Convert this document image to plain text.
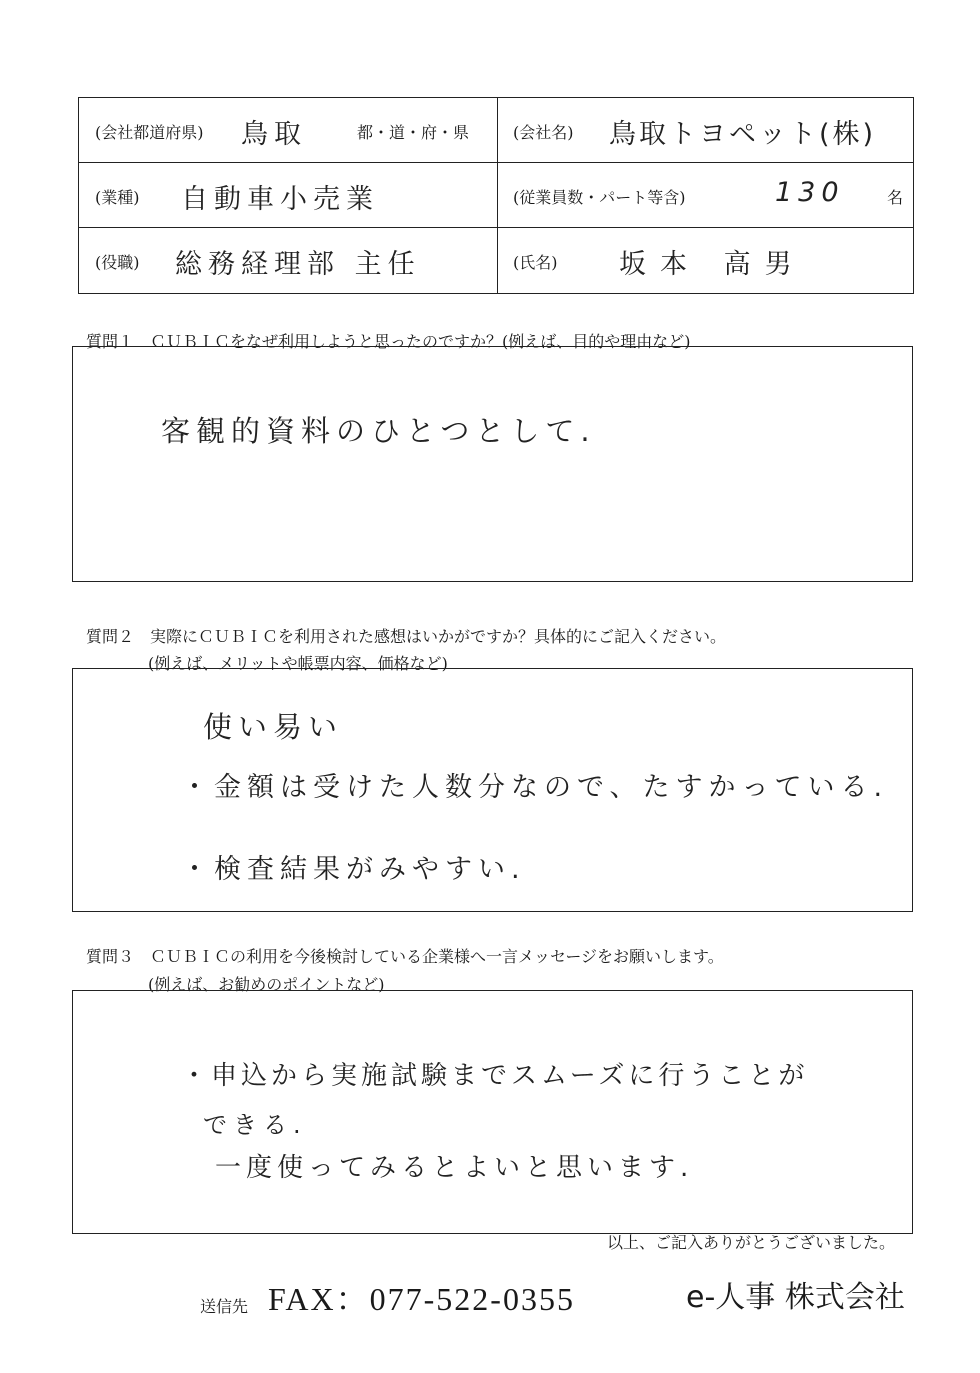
(会社都道府県) 鳥取	都・道・府・県	(会社名) 鳥取トヨペット(株)
(業種) 自動車小売業	(従業員数・パート等含)	130	名
(役職) 総務経理部 主任	(氏名) 坂本 高男
質問１　ＣＵＢＩＣをなぜ利用しようと思ったのですか？(例えば、目的や理由など)
客観的資料のひとつとして.
質問２　実際にＣＵＢＩＣを利用された感想はいかがですか？具体的にご記入ください。
(例えば、メリットや帳票内容、価格など)
使い易い
・金額は受けた人数分なので、たすかっている.
・検査結果がみやすい.
質問３　ＣＵＢＩＣの利用を今後検討している企業様へ一言メッセージをお願いします。
(例えば、お勧めのポイントなど)
・申込から実施試験までスムーズに行うことが
できる.
一度使ってみるとよいと思います.
以上、ご記入ありがとうございました。
送信先 FAX：077-522-0355	e-人事 株式会社
